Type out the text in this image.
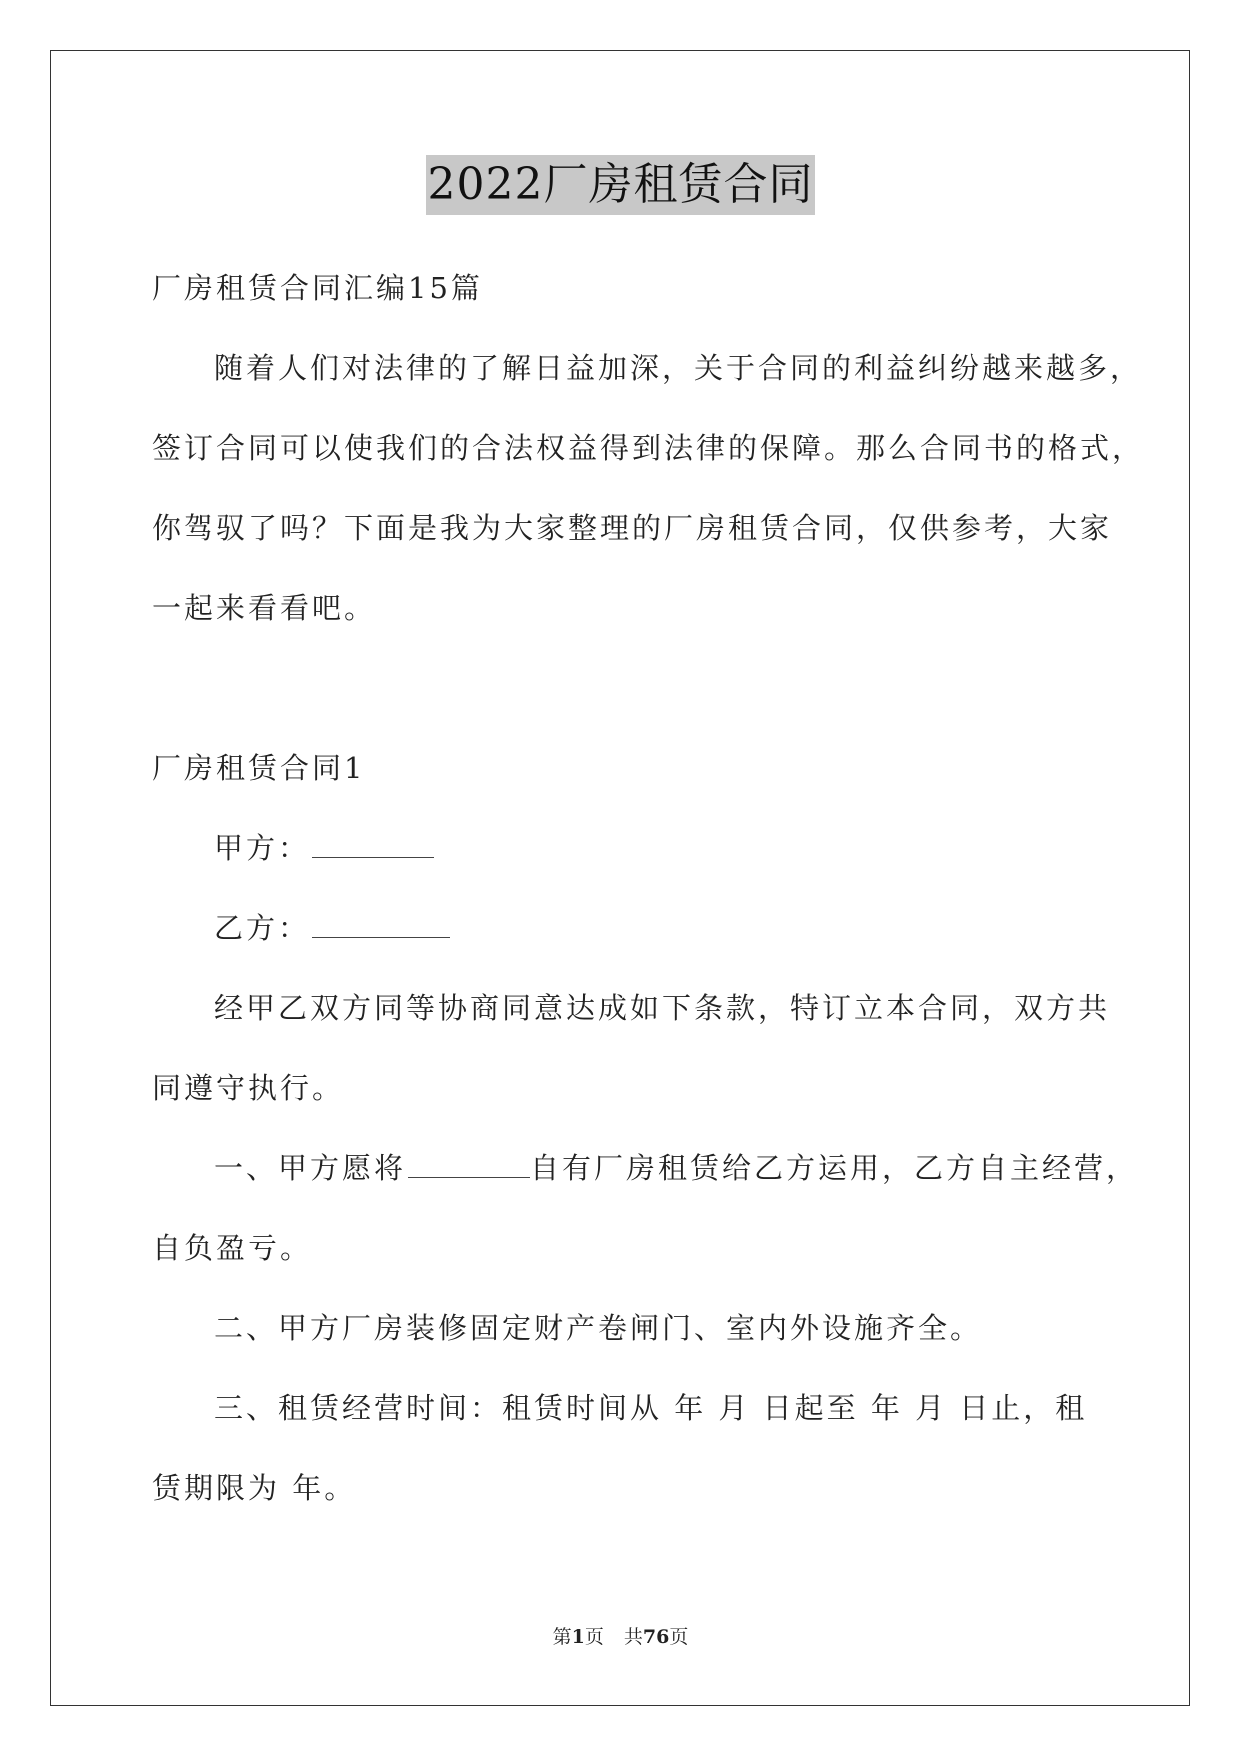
2022厂房租赁合同
厂房租赁合同汇编15篇
随着人们对法律的了解日益加深，关于合同的利益纠纷越来越多，
签订合同可以使我们的合法权益得到法律的保障。那么合同书的格式，
你驾驭了吗？下面是我为大家整理的厂房租赁合同，仅供参考，大家
一起来看看吧。
厂房租赁合同1
甲方：
乙方：
经甲乙双方同等协商同意达成如下条款，特订立本合同，双方共
同遵守执行。
一、甲方愿将	自有厂房租赁给乙方运用，乙方自主经营，
自负盈亏。
二、甲方厂房装修固定财产卷闸门、室内外设施齐全。
三、租赁经营时间：租赁时间从 年 月 日起至 年 月 日止，租
赁期限为 年。
第1页 共76页
